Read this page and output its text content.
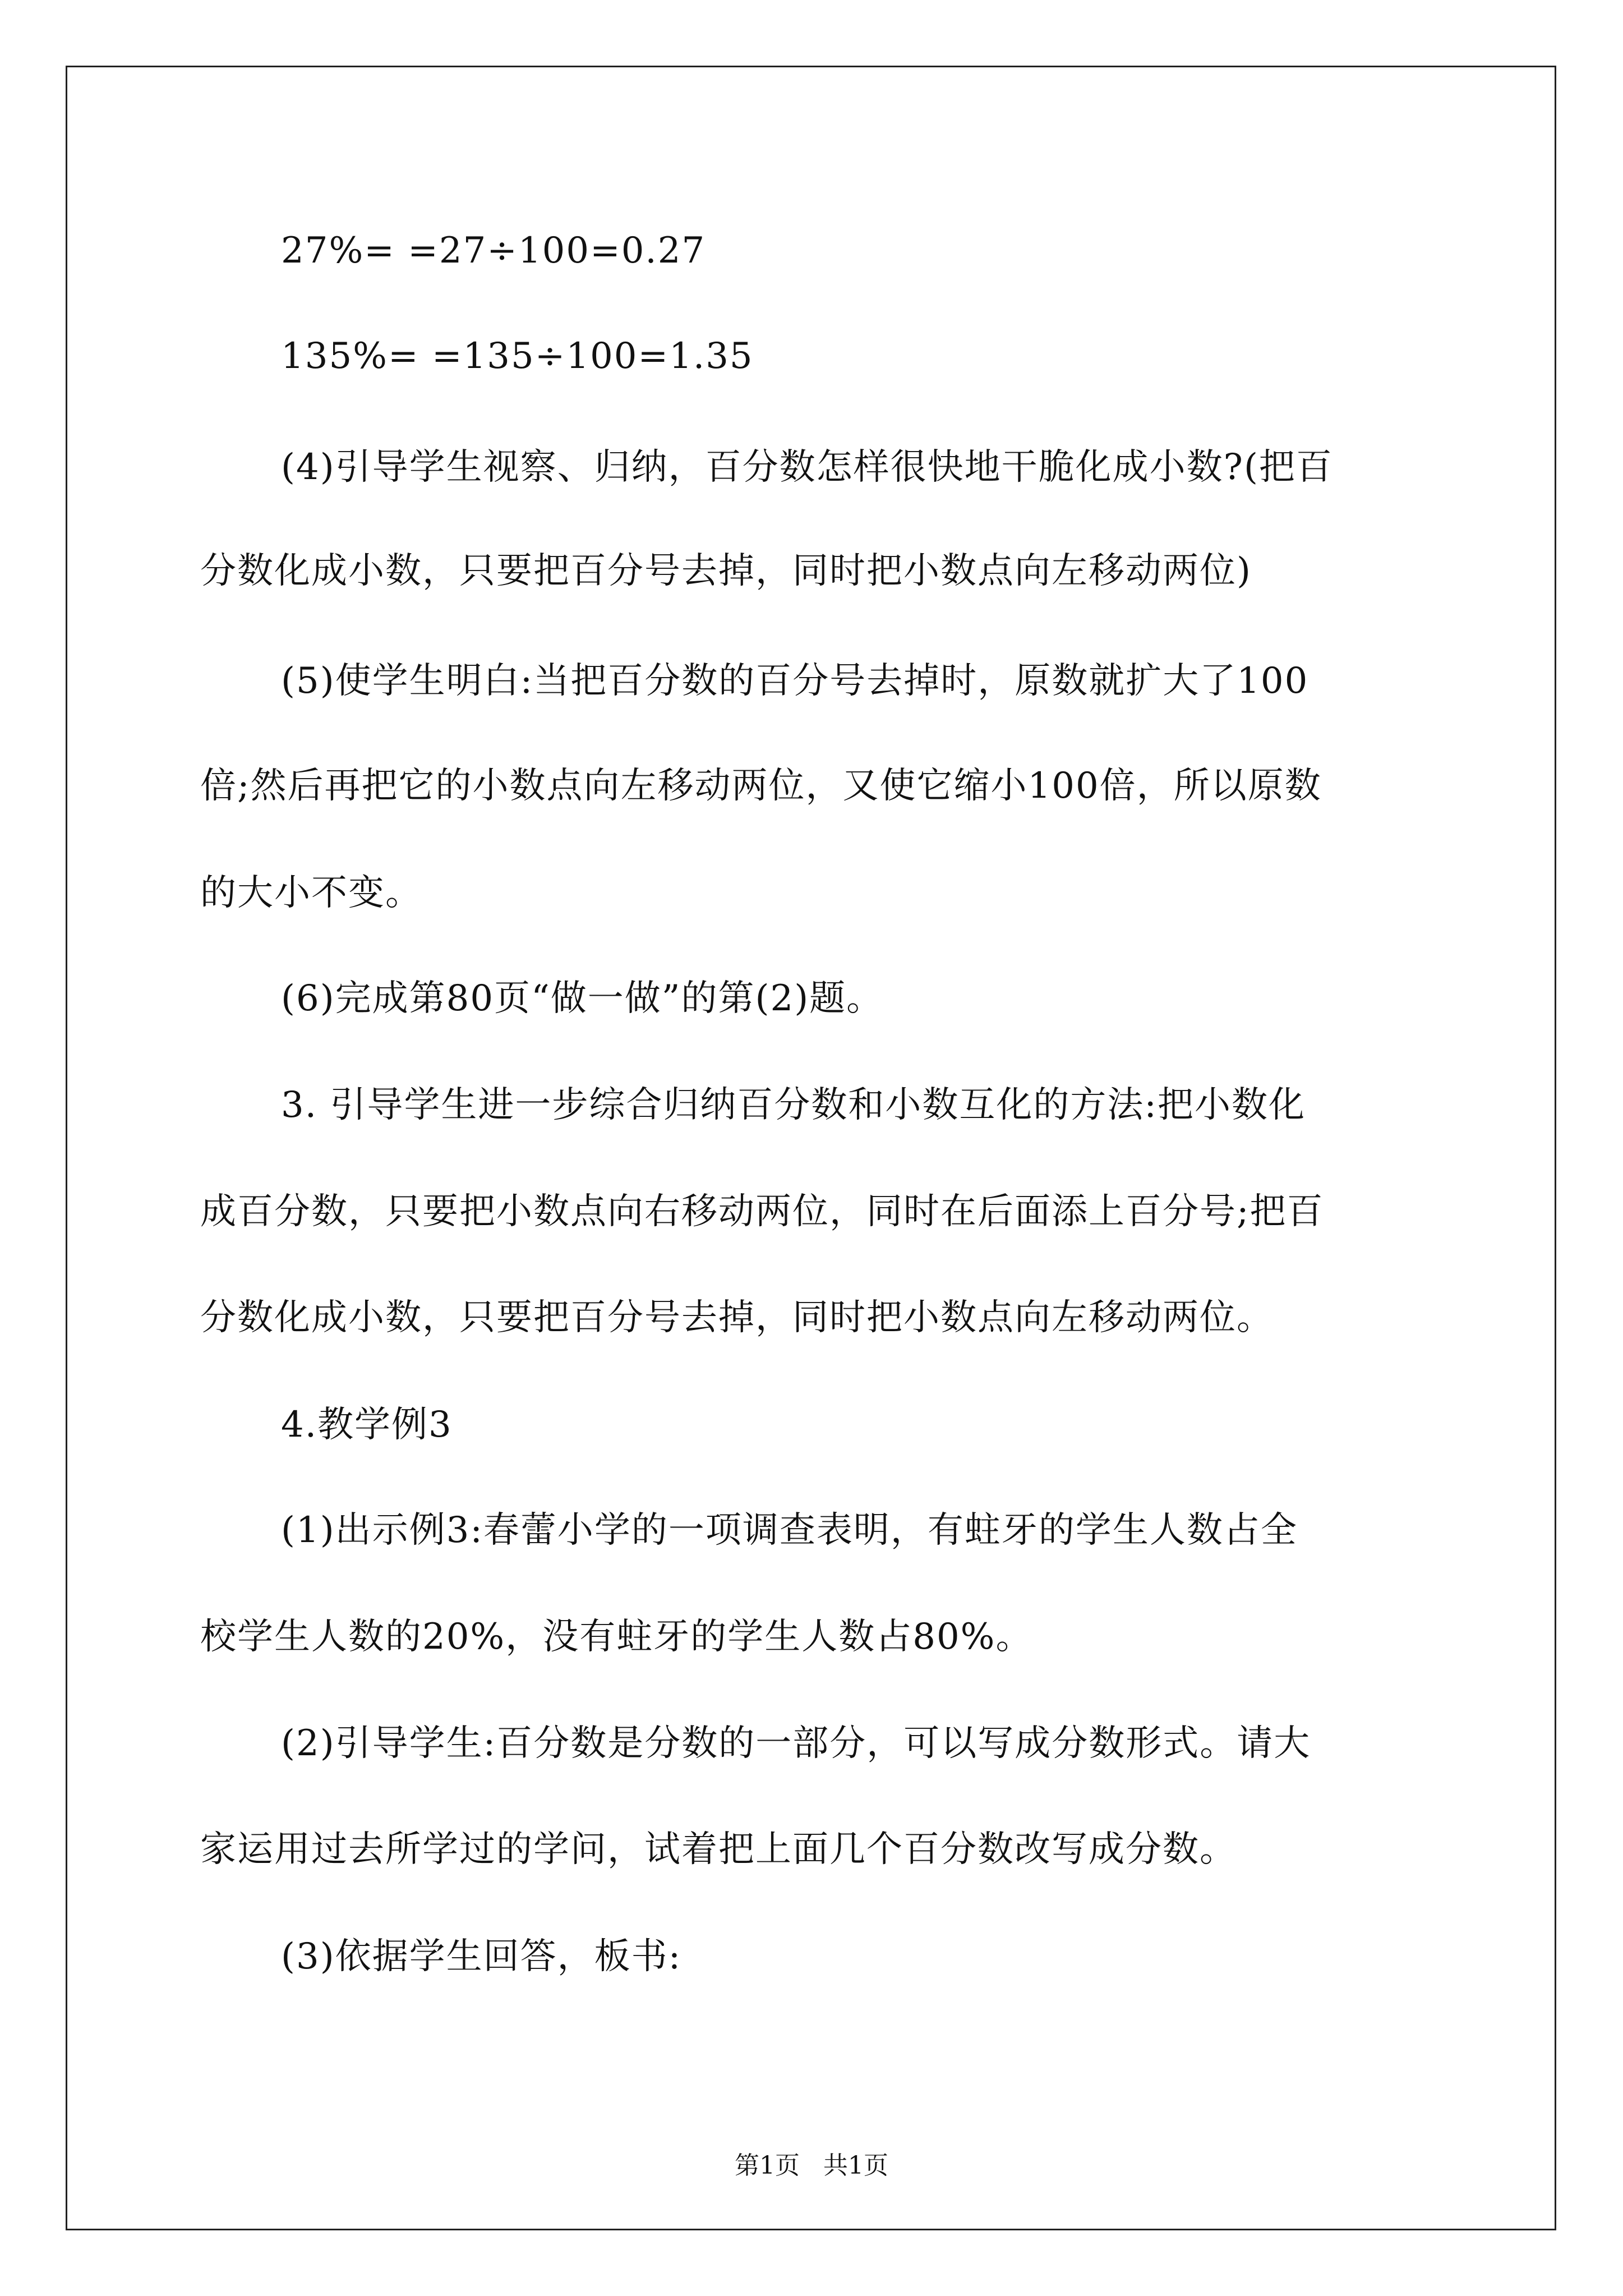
27%= =27÷100=0.27
135%= =135÷100=1.35
(4)引导学生视察、归纳，百分数怎样很快地干脆化成小数?(把百
分数化成小数，只要把百分号去掉，同时把小数点向左移动两位)
(5)使学生明白:当把百分数的百分号去掉时，原数就扩大了100
倍;然后再把它的小数点向左移动两位，又使它缩小100倍，所以原数
的大小不变。
(6)完成第80页“做一做”的第(2)题。
3. 引导学生进一步综合归纳百分数和小数互化的方法:把小数化
成百分数，只要把小数点向右移动两位，同时在后面添上百分号;把百
分数化成小数，只要把百分号去掉，同时把小数点向左移动两位。
4.教学例3
(1)出示例3:春蕾小学的一项调查表明，有蛀牙的学生人数占全
校学生人数的20%，没有蛀牙的学生人数占80%。
(2)引导学生:百分数是分数的一部分，可以写成分数形式。请大
家运用过去所学过的学问，试着把上面几个百分数改写成分数。
(3)依据学生回答，板书:
第1页   共1页
